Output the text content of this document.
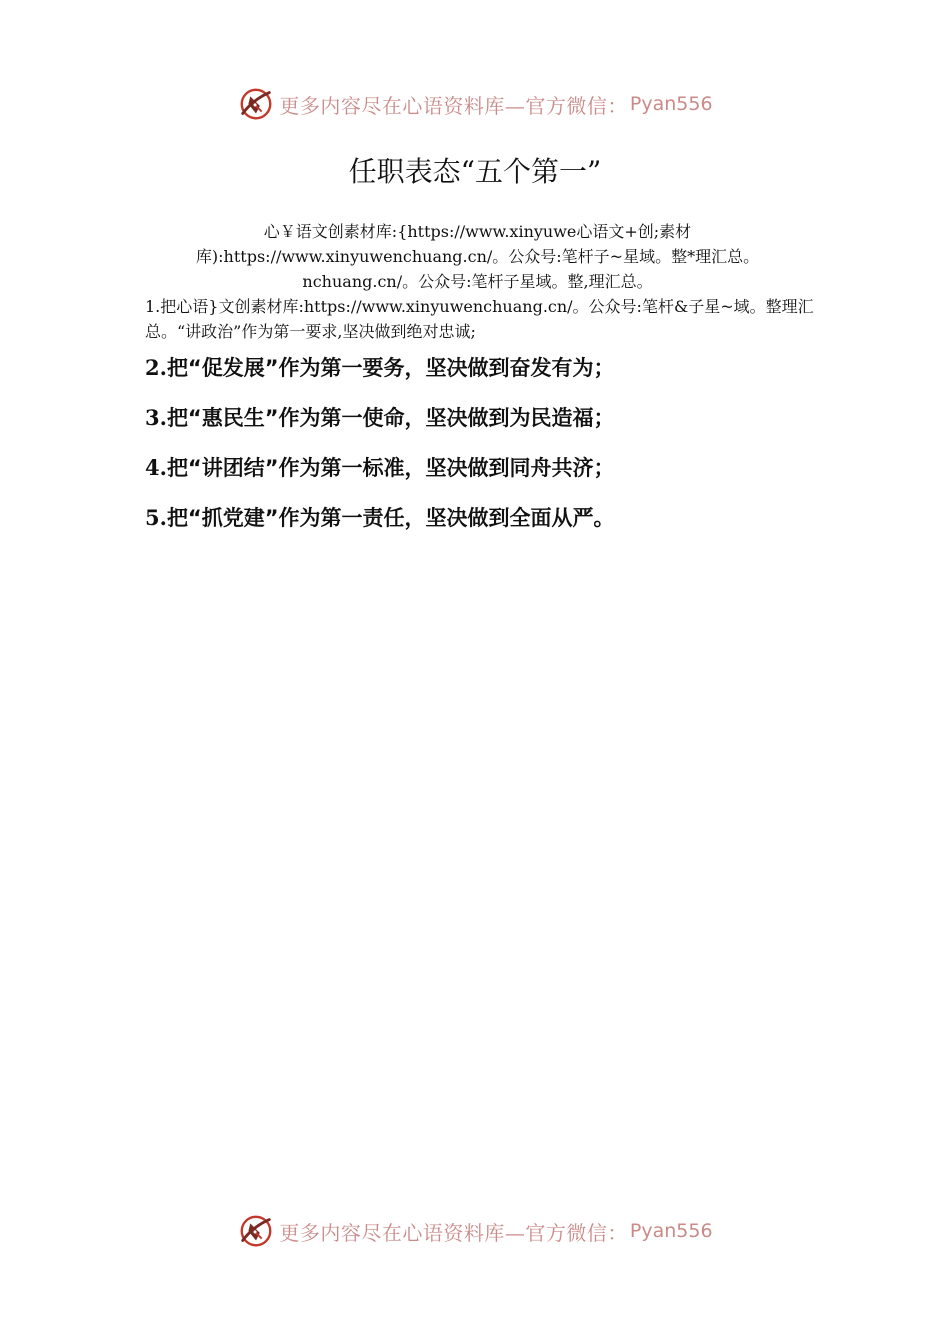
更多内容尽在心语资料库—官方微信： Pyan556
任职表态“五个第一”

心￥语文创素材库:{https://www.xinyuwe心语文+创;素材库):https://www.xinyuwenchuang.cn/。公众号:笔杆子~星域。整*理汇总。nchuang.cn/。公众号:笔杆子星域。整,理汇总。

1.把心语}文创素材库:https://www.xinyuwenchuang.cn/。公众号:笔杆&子星~域。整理汇总。“讲政治”作为第一要求,坚决做到绝对忠诚;

2.把“促发展”作为第一要务，坚决做到奋发有为；

3.把“惠民生”作为第一使命，坚决做到为民造福；

4.把“讲团结”作为第一标准，坚决做到同舟共济；

5.把“抓党建”作为第一责任，坚决做到全面从严。

更多内容尽在心语资料库—官方微信： Pyan556
